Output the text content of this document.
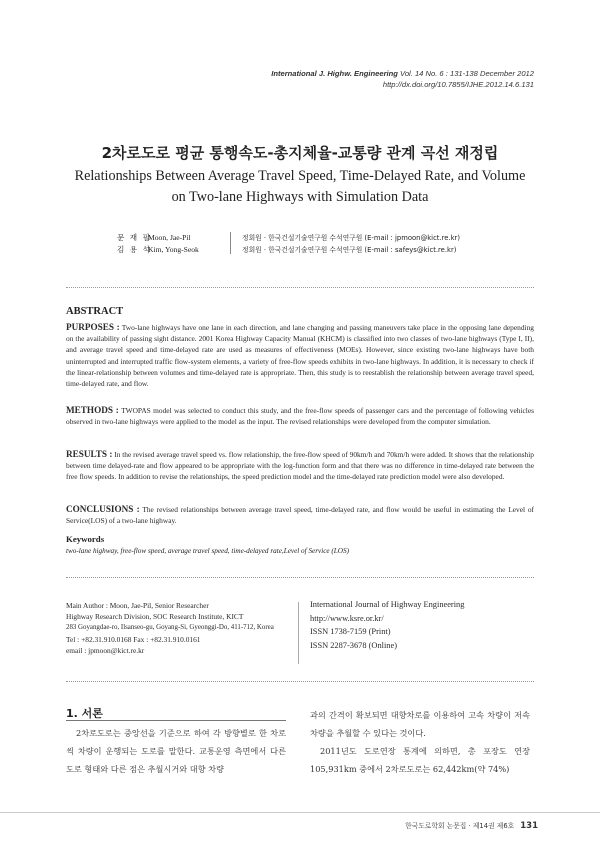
International J. Highw. Engineering Vol. 14 No. 6 : 131-138 December 2012
http://dx.doi.org/10.7855/IJHE.2012.14.6.131
2차로도로 평균 통행속도-총지체율-교통량 관계 곡선 재정립
Relationships Between Average Travel Speed, Time-Delayed Rate, and Volume on Two-lane Highways with Simulation Data
문 재 필
Moon, Jae-Pil	정회원 · 한국건설기술연구원 수석연구원 (E-mail : jpmoon@kict.re.kr)
김 용 석
Kim, Yong-Seok	정회원 · 한국건설기술연구원 수석연구원 (E-mail : safeys@kict.re.kr)
ABSTRACT
PURPOSES : Two-lane highways have one lane in each direction, and lane changing and passing maneuvers take place in the opposing lane depending on the availability of passing sight distance. 2001 Korea Highway Capacity Manual (KHCM) is classified into two classes of two-lane highways (Type I, II), and average travel speed and time-delayed rate are used as measures of effectiveness (MOEs). However, since existing two-lane highways have both uninterrupted and interrupted traffic flow-system elements, a variety of free-flow speeds exhibits in two-lane highways. In addition, it is necessary to check if the linear-relationship between volumes and time-delayed rate is appropriate. Then, this study is to reestablish the relationship between average travel speed, time-delayed rate, and flow.
METHODS : TWOPAS model was selected to conduct this study, and the free-flow speeds of passenger cars and the percentage of following vehicles observed in two-lane highways were applied to the model as the input. The revised relationships were developed from the computer simulation.
RESULTS : In the revised average travel speed vs. flow relationship, the free-flow speed of 90km/h and 70km/h were added. It shows that the relationship between time delayed-rate and flow appeared to be appropriate with the log-function form and that there was no difference in time-delayed rate between the free flow speeds. In addition to revise the relationships, the speed prediction model and the time-delayed rate prediction model were also developed.
CONCLUSIONS : The revised relationships between average travel speed, time-delayed rate, and flow would be useful in estimating the Level of Service(LOS) of a two-lane highway.
Keywords
two-lane highway, free-flow speed, average travel speed, time-delayed rate,Level of Service (LOS)
Main Author : Moon, Jae-Pil, Senior Researcher
Highway Research Division, SOC Research Institute, KICT
283 Goyangdae-ro, Ilsanseo-gu, Goyang-Si, Gyeonggi-Do, 411-712, Korea
Tel : +82.31.910.0168 Fax : +82.31.910.0161
email : jpmoon@kict.re.kr
International Journal of Highway Engineering
http://www.ksre.or.kr/
ISSN 1738-7159 (Print)
ISSN 2287-3678 (Online)
1. 서론

2차로도로는 중앙선을 기준으로 하여 각 방향별로 한 차로씩 차량이 운행되는 도로를 말한다. 교통운영 측면에서 다른 도로 형태와 다른 점은 추월시거와 대향 차량

과의 간격이 확보되면 대향차로를 이용하여 고속 차량이 저속 차량을 추월할 수 있다는 것이다.

2011년도 도로연장 통계에 의하면, 총 포장도 연장 105,931km 중에서 2차로도로는 62,442km(약 74%)

한국도로학회 논문집 · 제14권 제6호 131
